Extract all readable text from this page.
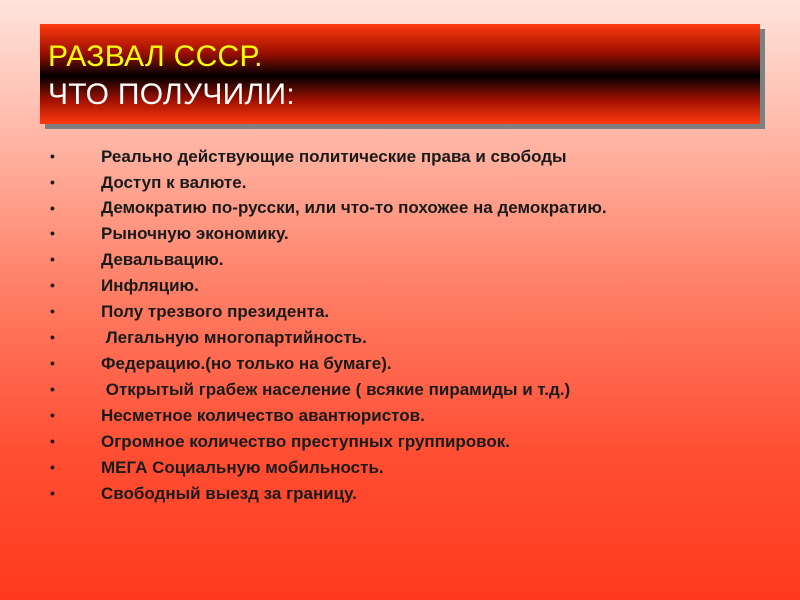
РАЗВАЛ СССР.
ЧТО ПОЛУЧИЛИ:
•	Реально действующие политические права и свободы
•	Доступ к валюте.
•	Демократию по-русски, или что-то похожее на демократию.
•	Рыночную экономику.
•	Девальвацию.
•	Инфляцию.
•	Полу трезвого президента.
•	Легальную многопартийность.
•	Федерацию.(но только на бумаге).
•	Открытый грабеж население ( всякие пирамиды и т.д.)
•	Несметное количество авантюристов.
•	Огромное количество преступных группировок.
•	МЕГА Социальную мобильность.
•	Свободный выезд за границу.
